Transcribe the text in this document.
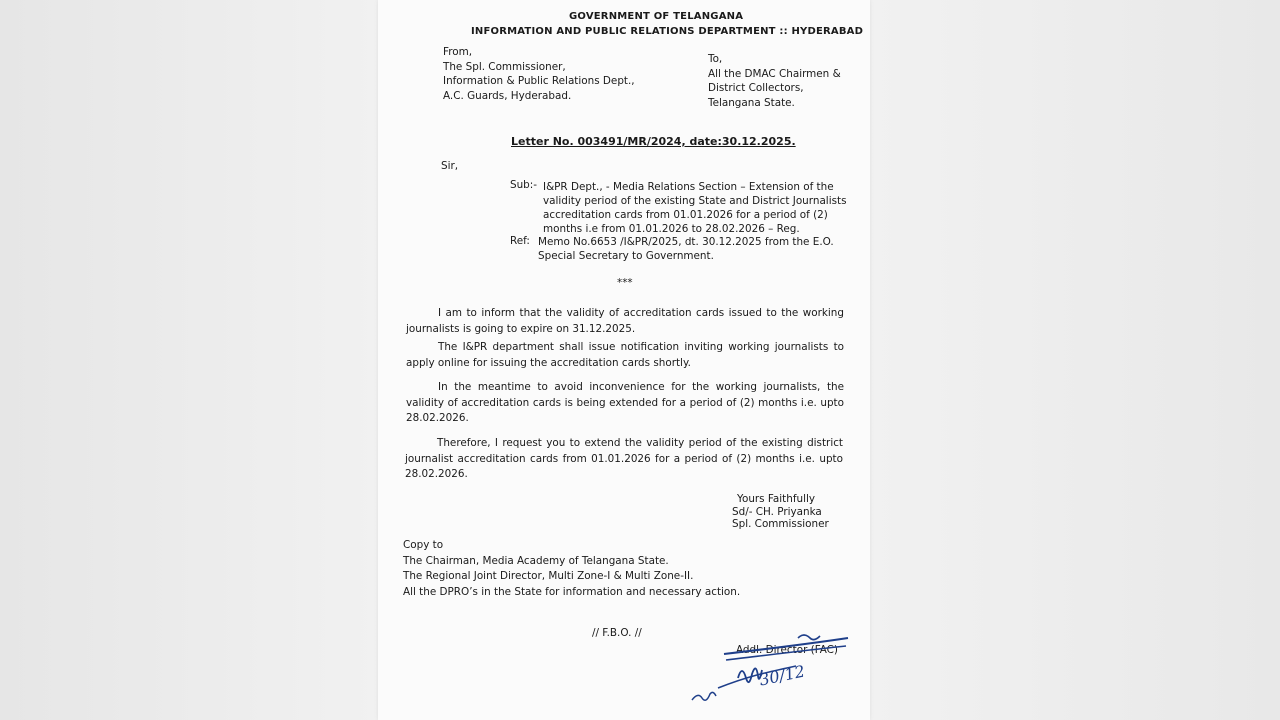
GOVERNMENT OF TELANGANA
INFORMATION AND PUBLIC RELATIONS DEPARTMENT :: HYDERABAD
From,
The Spl. Commissioner,
Information & Public Relations Dept.,
A.C. Guards, Hyderabad.
To,
All the DMAC Chairmen &
District Collectors,
Telangana State.
Letter No. 003491/MR/2024, date:30.12.2025.
Sir,
Sub:- I&PR Dept., - Media Relations Section – Extension of the
validity period of the existing State and District Journalists
accreditation cards from 01.01.2026 for a period of (2)
months i.e from 01.01.2026 to 28.02.2026 – Reg.
Ref: Memo No.6653 /I&PR/2025, dt. 30.12.2025 from the E.O.
Special Secretary to Government.
***
I am to inform that the validity of accreditation cards issued to the working journalists is going to expire on 31.12.2025.
The I&PR department shall issue notification inviting working journalists to apply online for issuing the accreditation cards shortly.
In the meantime to avoid inconvenience for the working journalists, the validity of accreditation cards is being extended for a period of (2) months i.e. upto 28.02.2026.
Therefore, I request you to extend the validity period of the existing district journalist accreditation cards from 01.01.2026 for a period of (2) months i.e. upto 28.02.2026.
Yours Faithfully
Sd/- CH. Priyanka
Spl. Commissioner
Copy to
The Chairman, Media Academy of Telangana State.
The Regional Joint Director, Multi Zone-I & Multi Zone-II.
All the DPRO’s in the State for information and necessary action.
// F.B.O. //
Addl. Director (FAC)
30/12
